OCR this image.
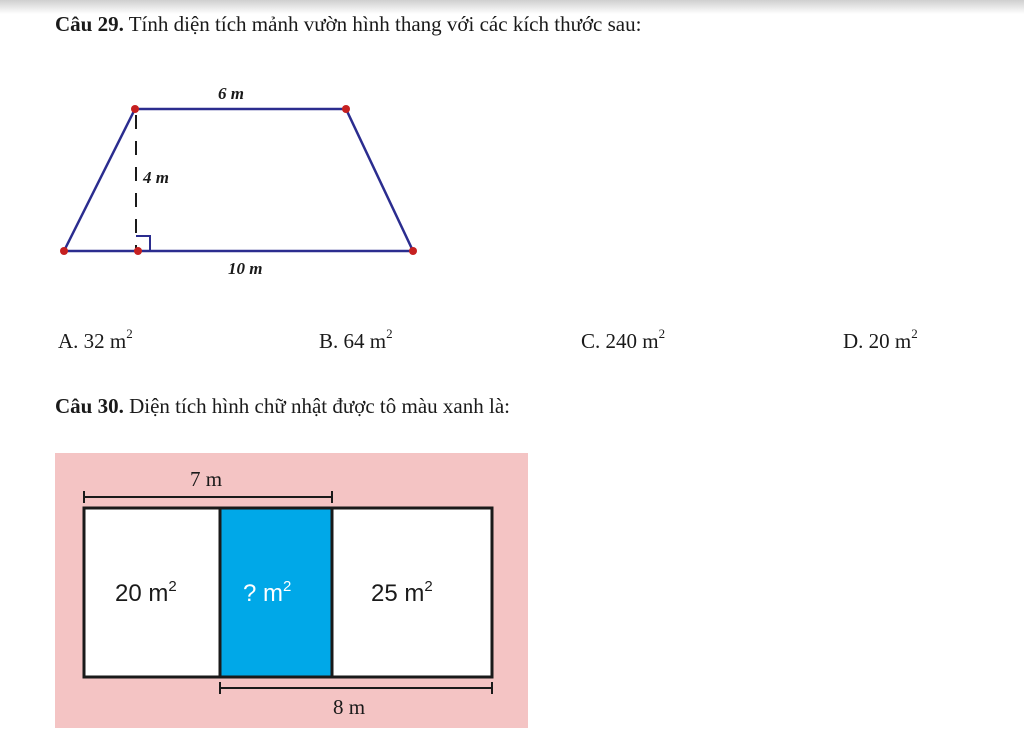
Câu 29. Tính diện tích mảnh vườn hình thang với các kích thước sau:
6 m
4 m
10 m
A. 32 $m^2$	B. 64 $m^2$	C. 240 $m^2$	D. 20 $m^2$
Câu 30. Diện tích hình chữ nhật được tô màu xanh là:
7 m
8 m
20 $m^2$	? $m^2$	25 $m^2$
